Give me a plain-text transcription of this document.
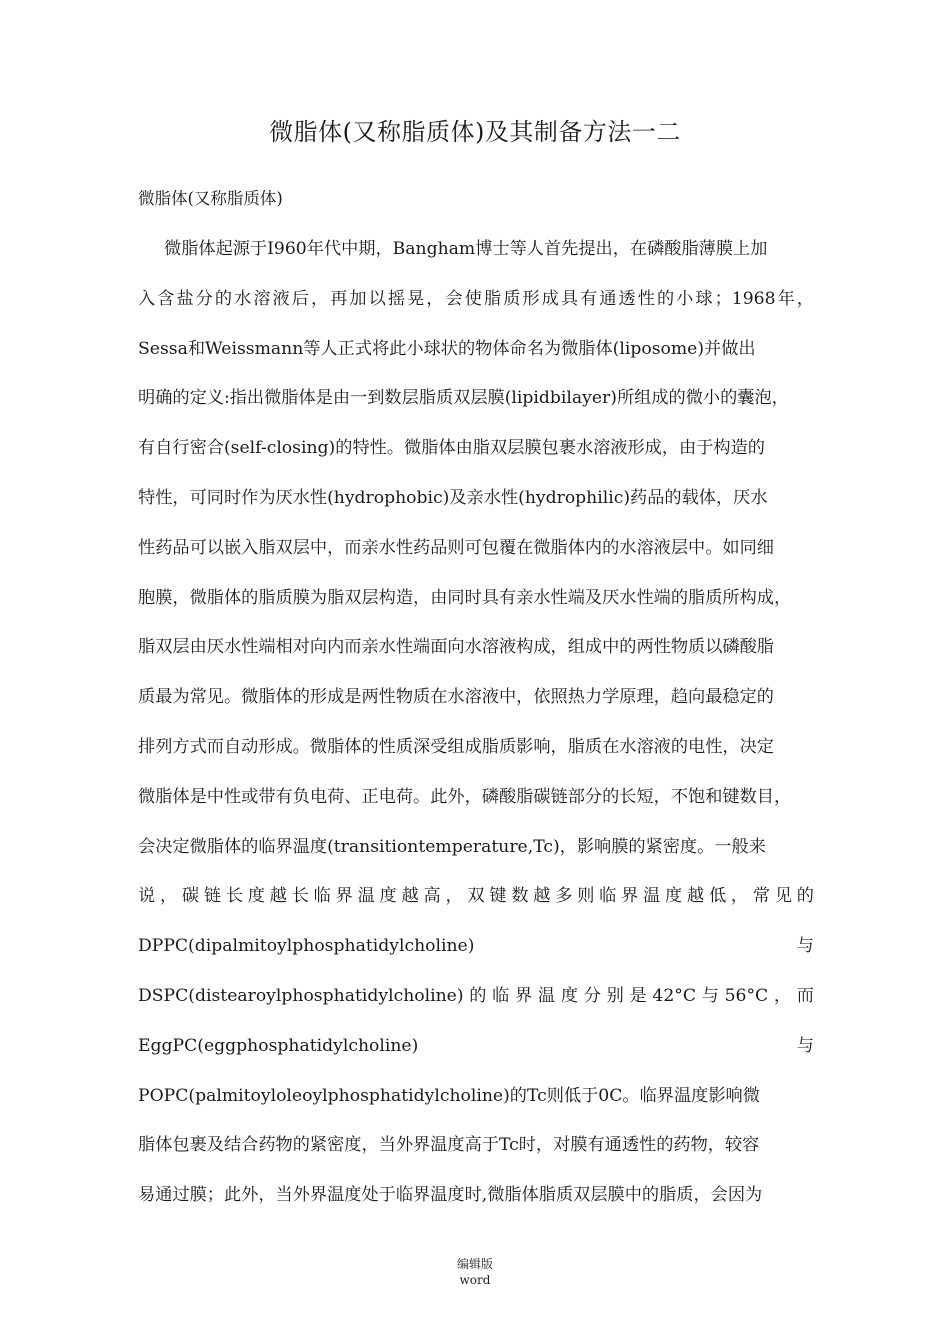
微脂体(又称脂质体)及其制备方法一二

微脂体(又称脂质体)

微脂体起源于I960年代中期，Bangham博士等人首先提出，在磷酸脂薄膜上加
入含盐分的水溶液后，再加以摇晃，会使脂质形成具有通透性的小球；1968年，
Sessa和Weissmann等人正式将此小球状的物体命名为微脂体(liposome)并做出
明确的定义:指出微脂体是由一到数层脂质双层膜(lipidbilayer)所组成的微小的囊泡，
有自行密合(self-closing)的特性。微脂体由脂双层膜包裹水溶液形成，由于构造的
特性，可同时作为厌水性(hydrophobic)及亲水性(hydrophilic)药品的载体，厌水
性药品可以嵌入脂双层中，而亲水性药品则可包覆在微脂体内的水溶液层中。如同细
胞膜，微脂体的脂质膜为脂双层构造，由同时具有亲水性端及厌水性端的脂质所构成，
脂双层由厌水性端相对向内而亲水性端面向水溶液构成，组成中的两性物质以磷酸脂
质最为常见。微脂体的形成是两性物质在水溶液中，依照热力学原理，趋向最稳定的
排列方式而自动形成。微脂体的性质深受组成脂质影响，脂质在水溶液的电性，决定
微脂体是中性或带有负电荷、正电荷。此外，磷酸脂碳链部分的长短，不饱和键数目，
会决定微脂体的临界温度(transitiontemperature,Tc)，影响膜的紧密度。一般来
说，碳链长度越长临界温度越高，双键数越多则临界温度越低，常见的
DPPC(dipalmitoylphosphatidylcholine)	与
DSPC(distearoylphosphatidylcholine)的临界温度分别是42°C与56°C，而
EggPC(eggphosphatidylcholine)	与
POPC(palmitoyloleoylphosphatidylcholine)的Tc则低于0C。临界温度影响微
脂体包裹及结合药物的紧密度，当外界温度高于Tc时，对膜有通透性的药物，较容
易通过膜；此外，当外界温度处于临界温度时,微脂体脂质双层膜中的脂质，会因为
编辑版
word
